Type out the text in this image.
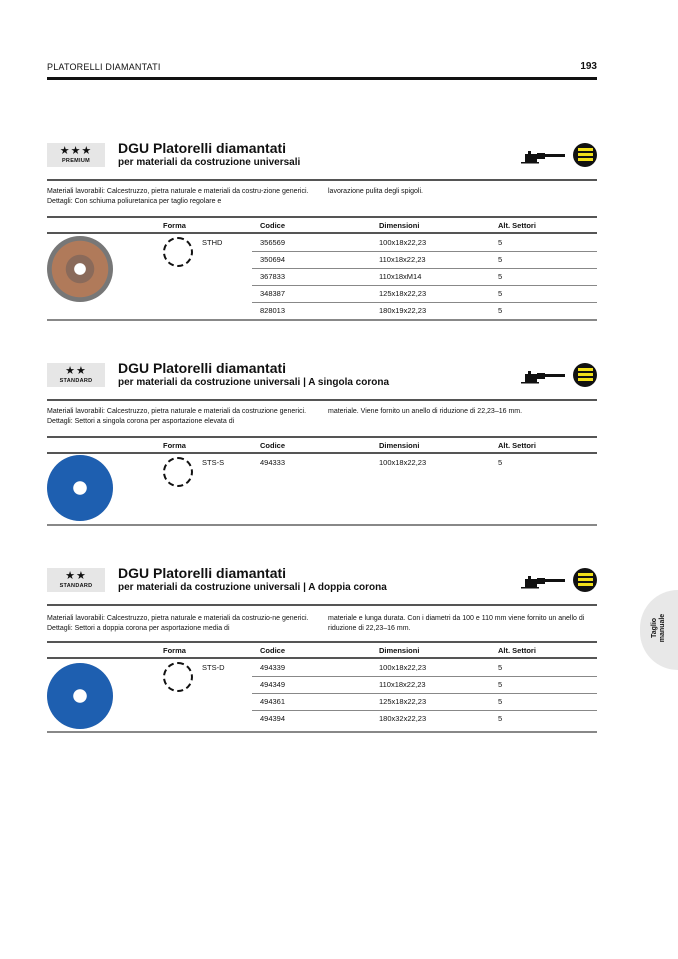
PLATORELLI DIAMANTATI	193
★★★
PREMIUM
DGU Platorelli diamantati
per materiali da costruzione universali
Materiali lavorabili: Calcestruzzo, pietra naturale e materiali da costru-zione generici. Dettagli: Con schiuma poliuretanica per taglio regolare e
lavorazione pulita degli spigoli.
Forma	Codice	Dimensioni	Alt. Settori
STHD	356569	100x18x22,23	5
350694	110x18x22,23	5
367833	110x18xM14	5
348387	125x18x22,23	5
828013	180x19x22,23	5
★★
STANDARD
DGU Platorelli diamantati
per materiali da costruzione universali | A singola corona
Materiali lavorabili: Calcestruzzo, pietra naturale e materiali da costruzione generici. Dettagli: Settori a singola corona per asportazione elevata di
materiale. Viene fornito un anello di riduzione di 22,23–16 mm.
Forma	Codice	Dimensioni	Alt. Settori
STS-S	494333	100x18x22,23	5
★★
STANDARD
DGU Platorelli diamantati
per materiali da costruzione universali | A doppia corona
Materiali lavorabili: Calcestruzzo, pietra naturale e materiali da costruzio-ne generici. Dettagli: Settori a doppia corona per asportazione media di
materiale e lunga durata. Con i diametri da 100 e 110 mm viene fornito un anello di riduzione di 22,23–16 mm.
Forma	Codice	Dimensioni	Alt. Settori
STS-D	494339	100x18x22,23	5
494349	110x18x22,23	5
494361	125x18x22,23	5
494394	180x32x22,23	5
Taglio
manuale
